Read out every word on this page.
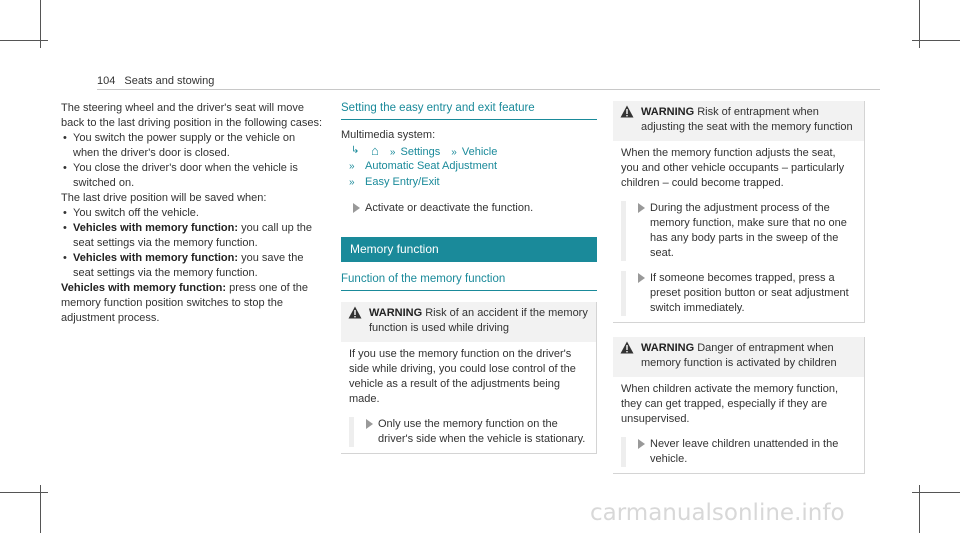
104 Seats and stowing

The steering wheel and the driver's seat will move back to the last driving position in the following cases:

• You switch the power supply or the vehicle on when the driver's door is closed.
• You close the driver's door when the vehicle is switched on.

The last drive position will be saved when:

• You switch off the vehicle.
• Vehicles with memory function: you call up the seat settings via the memory function.
• Vehicles with memory function: you save the seat settings via the memory function.

Vehicles with memory function: press one of the memory function position switches to stop the adjustment process.

Setting the easy entry and exit feature

Multimedia system:

↳ ⌂ » Settings » Vehicle
» Automatic Seat Adjustment
» Easy Entry/Exit
Activate or deactivate the function.
Memory function
Function of the memory function
WARNING Risk of an accident if the memory function is used while driving

If you use the memory function on the driver's side while driving, you could lose control of the vehicle as a result of the adjustments being made.

Only use the memory function on the driver's side when the vehicle is stationary.
WARNING Risk of entrapment when adjusting the seat with the memory function

When the memory function adjusts the seat, you and other vehicle occupants – particularly children – could become trapped.

During the adjustment process of the memory function, make sure that no one has any body parts in the sweep of the seat.
If someone becomes trapped, press a preset position button or seat adjustment switch immediately.
WARNING Danger of entrapment when memory function is activated by children

When children activate the memory function, they can get trapped, especially if they are unsupervised.

Never leave children unattended in the vehicle.
carmanualsonline.info
